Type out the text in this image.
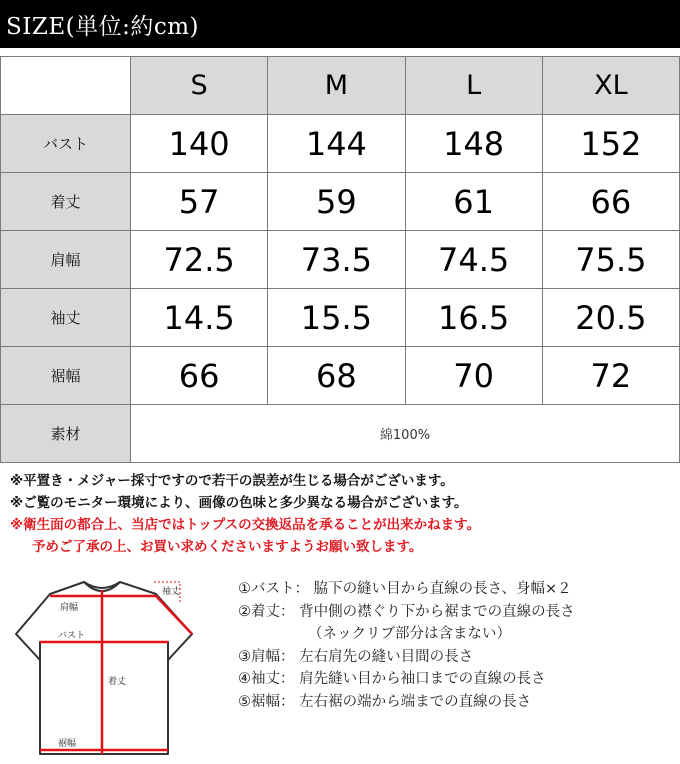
SIZE(単位:約cm)
	S	M	L	XL
バスト	140	144	148	152
着丈	57	59	61	66
肩幅	72.5	73.5	74.5	75.5
袖丈	14.5	15.5	16.5	20.5
裾幅	66	68	70	72
素材	綿100%			
※平置き・メジャー採寸ですので若干の誤差が生じる場合がございます。
※ご覧のモニター環境により、画像の色味と多少異なる場合がございます。
※衛生面の都合上、当店ではトップスの交換返品を承ることが出来かねます。
予めご了承の上、お買い求めくださいますようお願い致します。
袖丈
肩幅
バスト
着丈
裾幅
①バスト： 脇下の縫い目から直線の長さ、身幅×２
②着丈： 背中側の襟ぐり下から裾までの直線の長さ
（ネックリブ部分は含まない）
③肩幅： 左右肩先の縫い目間の長さ
④袖丈： 肩先縫い目から袖口までの直線の長さ
⑤裾幅： 左右裾の端から端までの直線の長さ
